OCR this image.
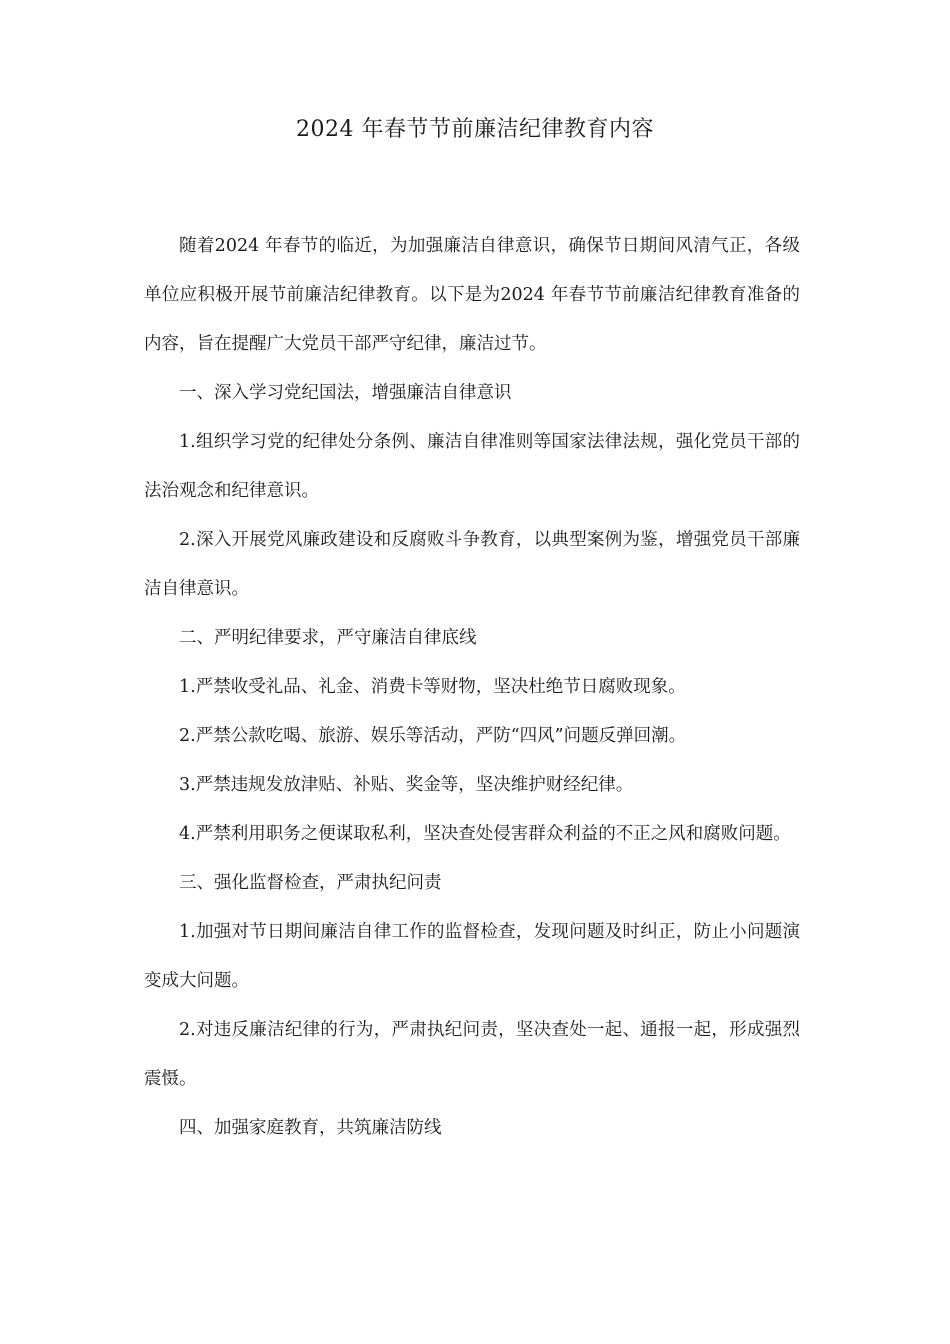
2024 年春节节前廉洁纪律教育内容

随着2024 年春节的临近，为加强廉洁自律意识，确保节日期间风清气正，各级单位应积极开展节前廉洁纪律教育。以下是为2024 年春节节前廉洁纪律教育准备的内容，旨在提醒广大党员干部严守纪律，廉洁过节。

一、深入学习党纪国法，增强廉洁自律意识

1.组织学习党的纪律处分条例、廉洁自律准则等国家法律法规，强化党员干部的法治观念和纪律意识。

2.深入开展党风廉政建设和反腐败斗争教育，以典型案例为鉴，增强党员干部廉洁自律意识。

二、严明纪律要求，严守廉洁自律底线

1.严禁收受礼品、礼金、消费卡等财物，坚决杜绝节日腐败现象。

2.严禁公款吃喝、旅游、娱乐等活动，严防“四风”问题反弹回潮。

3.严禁违规发放津贴、补贴、奖金等，坚决维护财经纪律。

4.严禁利用职务之便谋取私利，坚决查处侵害群众利益的不正之风和腐败问题。

三、强化监督检查，严肃执纪问责

1.加强对节日期间廉洁自律工作的监督检查，发现问题及时纠正，防止小问题演变成大问题。

2.对违反廉洁纪律的行为，严肃执纪问责，坚决查处一起、通报一起，形成强烈震慑。

四、加强家庭教育，共筑廉洁防线
